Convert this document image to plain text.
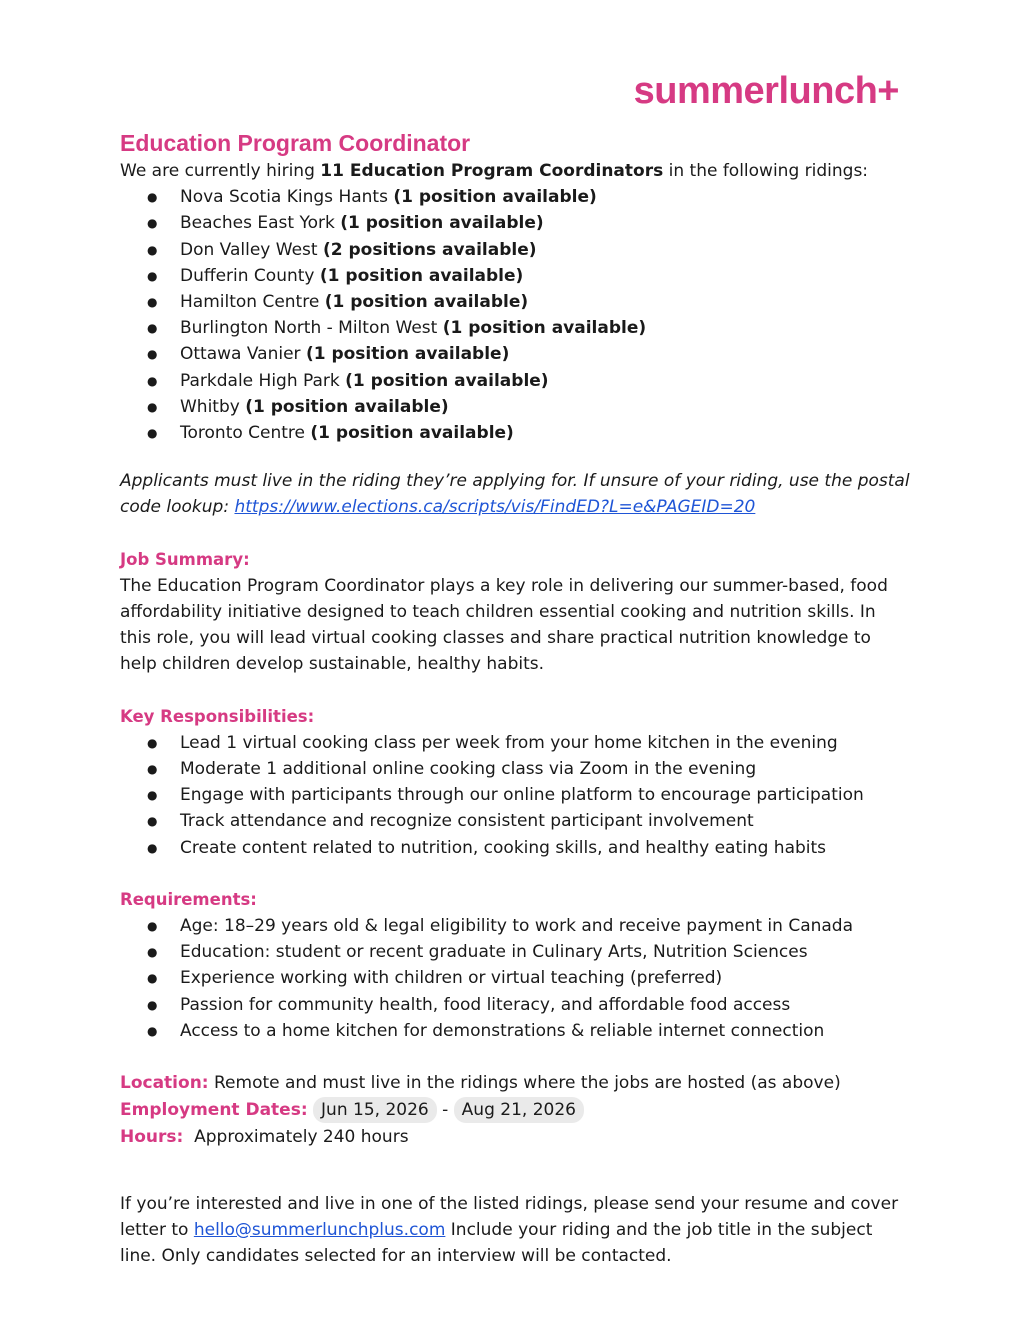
summerlunch+
Education Program Coordinator

We are currently hiring 11 Education Program Coordinators in the following ridings:

● Nova Scotia Kings Hants (1 position available)
● Beaches East York (1 position available)
● Don Valley West (2 positions available)
● Dufferin County (1 position available)
● Hamilton Centre (1 position available)
● Burlington North - Milton West (1 position available)
● Ottawa Vanier (1 position available)
● Parkdale High Park (1 position available)
● Whitby (1 position available)
● Toronto Centre (1 position available)

Applicants must live in the riding they’re applying for. If unsure of your riding, use the postal code lookup: https://www.elections.ca/scripts/vis/FindED?L=e&PAGEID=20

Job Summary:

The Education Program Coordinator plays a key role in delivering our summer-based, food affordability initiative designed to teach children essential cooking and nutrition skills. In this role, you will lead virtual cooking classes and share practical nutrition knowledge to help children develop sustainable, healthy habits.

Key Responsibilities:

● Lead 1 virtual cooking class per week from your home kitchen in the evening
● Moderate 1 additional online cooking class via Zoom in the evening
● Engage with participants through our online platform to encourage participation
● Track attendance and recognize consistent participant involvement
● Create content related to nutrition, cooking skills, and healthy eating habits

Requirements:

● Age: 18–29 years old & legal eligibility to work and receive payment in Canada
● Education: student or recent graduate in Culinary Arts, Nutrition Sciences
● Experience working with children or virtual teaching (preferred)
● Passion for community health, food literacy, and affordable food access
● Access to a home kitchen for demonstrations & reliable internet connection

Location: Remote and must live in the ridings where the jobs are hosted (as above)

Employment Dates: Jun 15, 2026 - Aug 21, 2026

Hours: Approximately 240 hours

If you’re interested and live in one of the listed ridings, please send your resume and cover letter to hello@summerlunchplus.com Include your riding and the job title in the subject line. Only candidates selected for an interview will be contacted.
